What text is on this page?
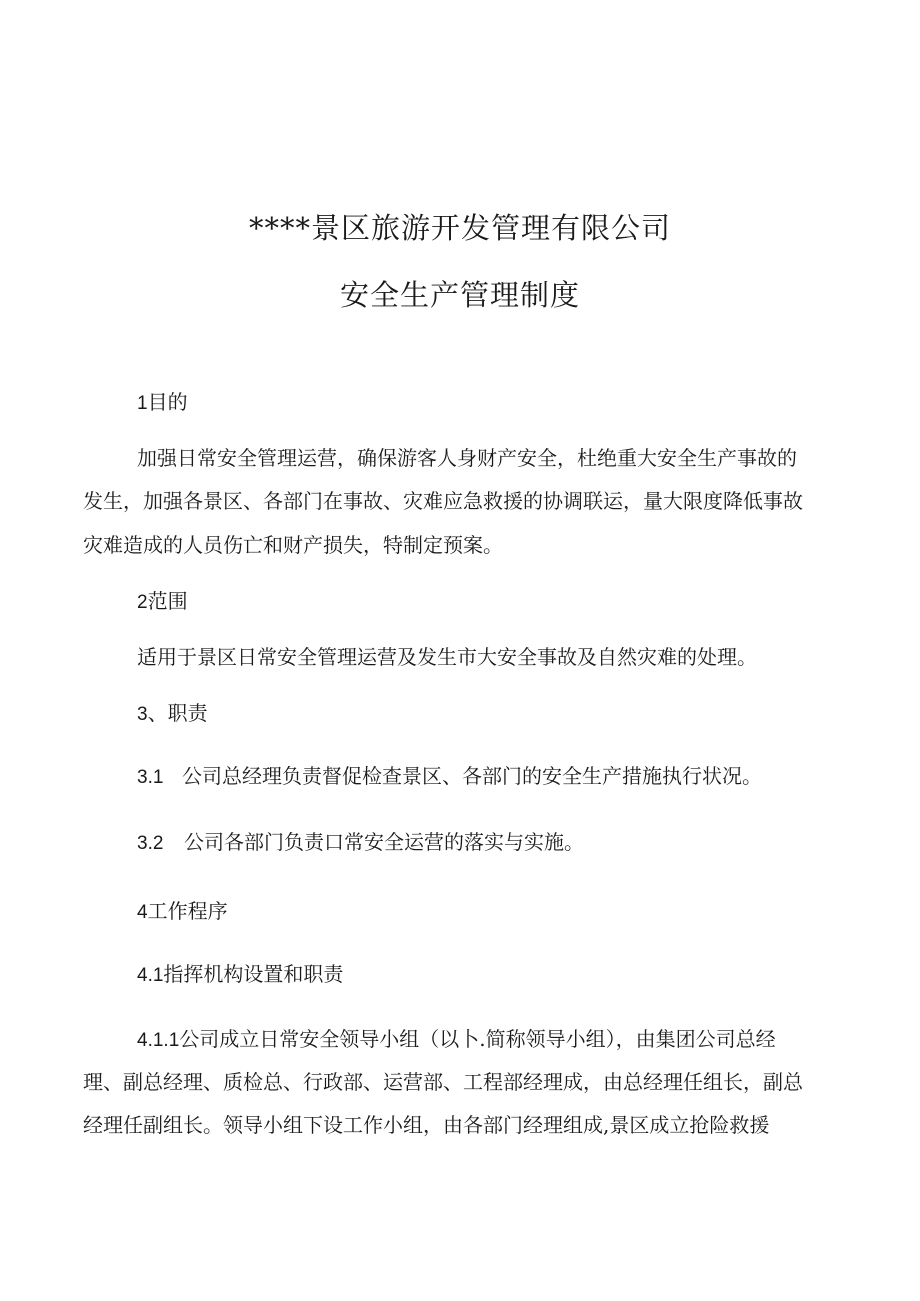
****景区旅游开发管理有限公司
安全生产管理制度
1目的
加强日常安全管理运营，确保游客人身财产安全，杜绝重大安全生产事故的
发生，加强各景区、各部门在事故、灾难应急救援的协调联运，量大限度降低事故
灾难造成的人员伤亡和财产损失，特制定预案。
2范围
适用于景区日常安全管理运营及发生市大安全事故及自然灾难的处理。
3、职责
3.1 公司总经理负责督促检查景区、各部门的安全生产措施执行状况。
3.2 公司各部门负责口常安全运营的落实与实施。
4工作程序
4.1指挥机构设置和职责
4.1.1公司成立日常安全领导小组（以卜.简称领导小组），由集团公司总经
理、副总经理、质检总、行政部、运营部、工程部经理成，由总经理任组长，副总
经理任副组长。领导小组下设工作小组，由各部门经理组成,景区成立抢险救援
